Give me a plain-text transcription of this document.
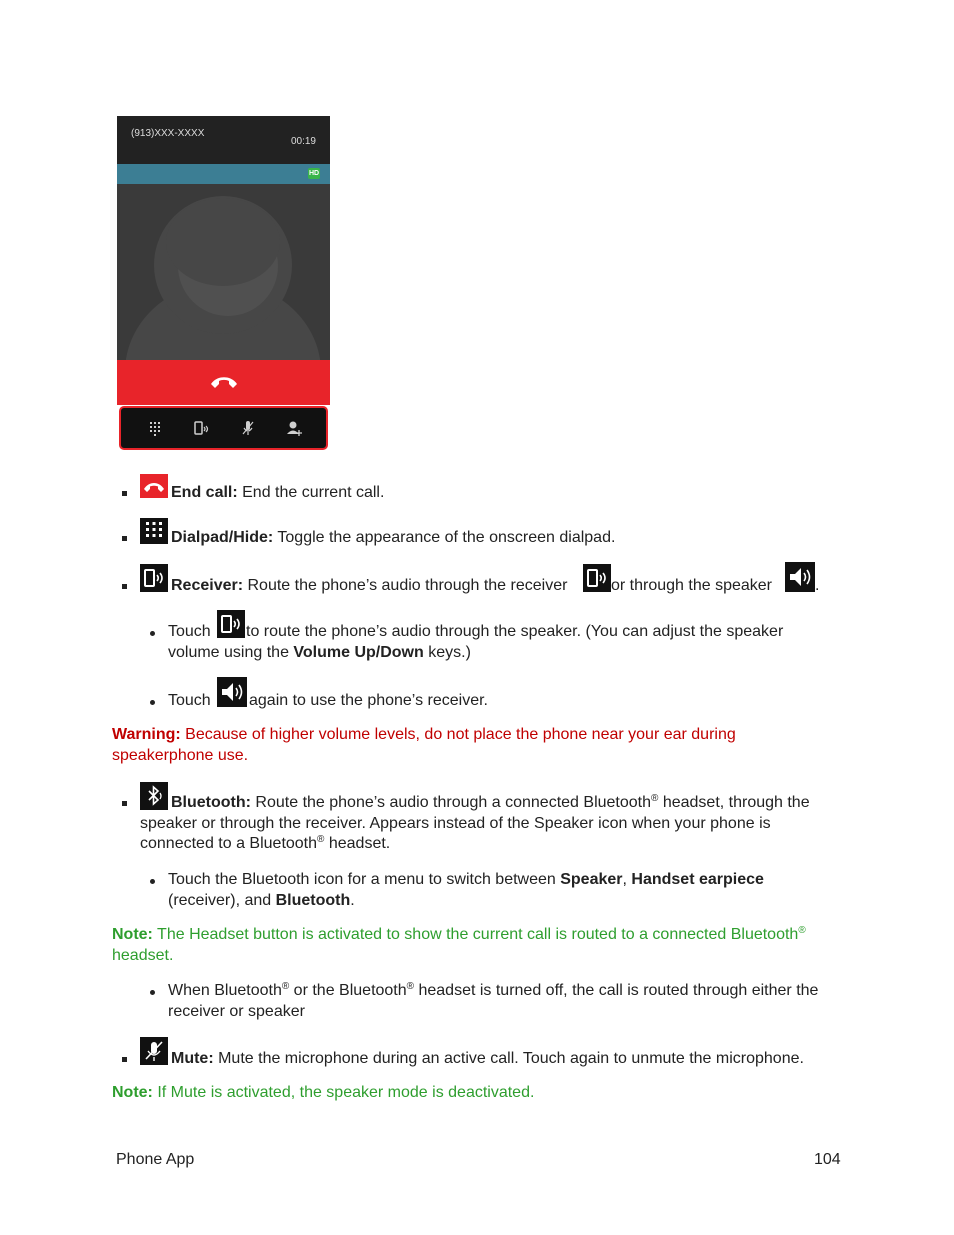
(913)XXX-XXXX
00:19
HD
End call: End the current call.
Dialpad/Hide: Toggle the appearance of the onscreen dialpad.
Receiver: Route the phone’s audio through the receiver	or through the speaker	.
Touch to route the phone’s audio through the speaker. (You can adjust the speaker
volume using the Volume Up/Down keys.)
Touch again to use the phone’s receiver.
Warning: Because of higher volume levels, do not place the phone near your ear during
speakerphone use.
Bluetooth: Route the phone’s audio through a connected Bluetooth® headset, through the
speaker or through the receiver. Appears instead of the Speaker icon when your phone is
connected to a Bluetooth® headset.
Touch the Bluetooth icon for a menu to switch between Speaker, Handset earpiece
(receiver), and Bluetooth.
Note: The Headset button is activated to show the current call is routed to a connected Bluetooth®
headset.
When Bluetooth® or the Bluetooth® headset is turned off, the call is routed through either the
receiver or speaker
Mute: Mute the microphone during an active call. Touch again to unmute the microphone.
Note: If Mute is activated, the speaker mode is deactivated.
Phone App	104
